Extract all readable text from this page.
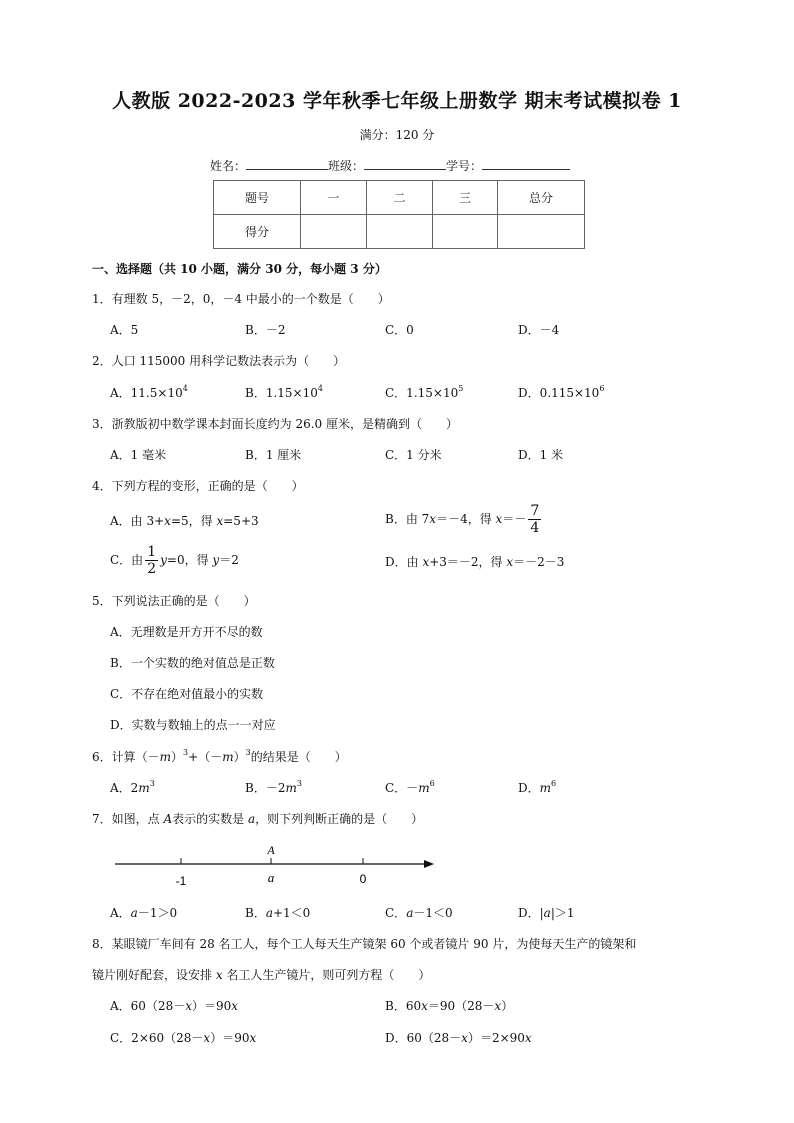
人教版 2022-2023 学年秋季七年级上册数学 期末考试模拟卷 1
满分：120 分
姓名：	班级：	学号：
题号	一	二	三	总分
得分				
一、选择题（共 10 小题，满分 30 分，每小题 3 分）
1．有理数 5，－2，0，－4 中最小的一个数是（　　）
A．5	B．－2	C．0	D．－4
2．人口 115000 用科学记数法表示为（　　）
A．$11.5\times 10^4$	B．$1.15\times 10^4$	C．$1.15\times 10^5$	D．$0.115\times 10^6$
3．浙教版初中数学课本封面长度约为 26.0 厘米，是精确到（　　）
A．1 毫米	B．1 厘米	C．1 分米	D．1 米
4．下列方程的变形，正确的是（　　）
A．由 3+x=5，得 x=5+3	B．由 7x＝－4，得 $x=- \frac{7}{4}$
C．由 $\frac{1}{2} y=0$，得 y＝2	D．由 x+3＝－2，得 x＝－2－3
5．下列说法正确的是（　　）
A．无理数是开方开不尽的数
B．一个实数的绝对值总是正数
C．不存在绝对值最小的实数
D．实数与数轴上的点一一对应
6．计算$(-m)^3+(-m)^3$的结果是（　　）
A．$2m^3$	B．$-2m^3$	C．$-m^6$	D．$m^6$
7．如图，点 A表示的实数是 a，则下列判断正确的是（　　）
A
a
-1	0
A．a－1＞0	B．a+1＜0	C．a－1＜0	D．|a|＞1
8．某眼镜厂车间有 28 名工人，每个工人每天生产镜架 60 个或者镜片 90 片，为使每天生产的镜架和
镜片刚好配套，设安排 x 名工人生产镜片，则可列方程（　　）
A．60（28－x）＝90x	B．60x＝90（28－x）
C．2×60（28－x）＝90x	D．60（28－x）＝2×90x
